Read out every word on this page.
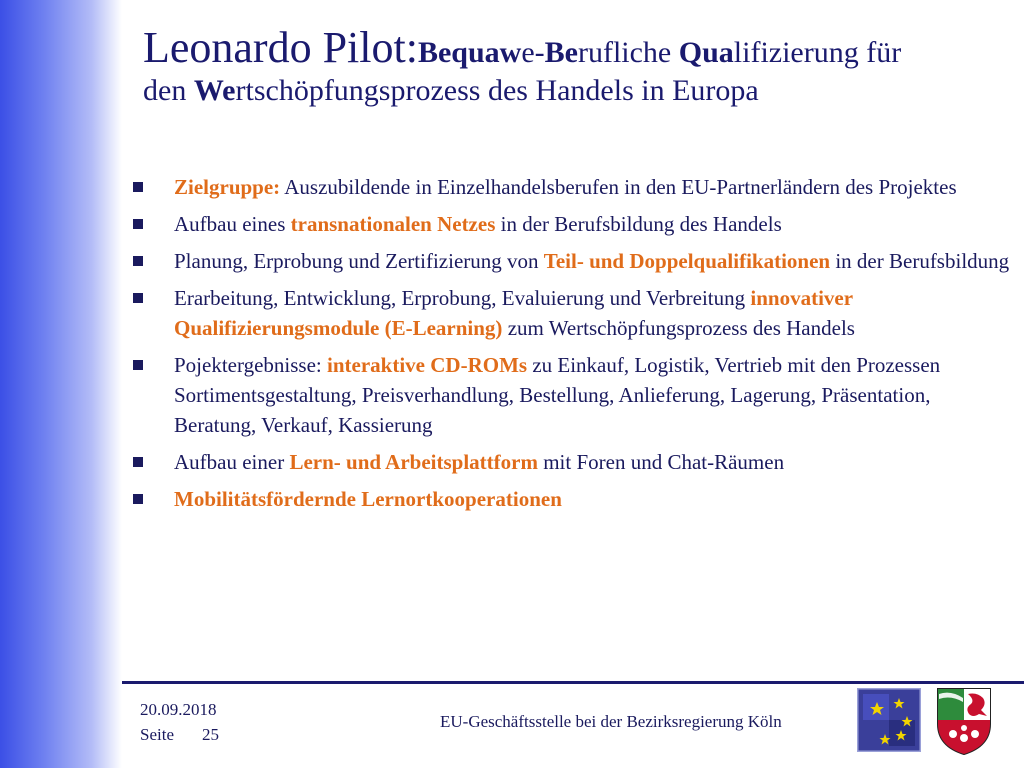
Leonardo Pilot:Bequawe-Berufliche Qualifizierung für
den Wertschöpfungsprozess des Handels in Europa
Zielgruppe: Auszubildende in Einzelhandelsberufen in den EU-Partnerländern des Projektes
Aufbau eines transnationalen Netzes in der Berufsbildung des Handels
Planung, Erprobung und Zertifizierung von Teil- und Doppelqualifikationen in der Berufsbildung
Erarbeitung, Entwicklung, Erprobung, Evaluierung und Verbreitung innovativer Qualifizierungsmodule (E-Learning) zum Wertschöpfungsprozess des Handels
Pojektergebnisse: interaktive CD-ROMs zu Einkauf, Logistik, Vertrieb mit den Prozessen Sortimentsgestaltung, Preisverhandlung, Bestellung, Anlieferung, Lagerung, Präsentation, Beratung, Verkauf, Kassierung
Aufbau einer Lern- und Arbeitsplattform mit Foren und Chat-Räumen
Mobilitätsfördernde Lernortkooperationen
20.09.2018
Seite 25
EU-Geschäftsstelle bei der Bezirksregierung Köln
